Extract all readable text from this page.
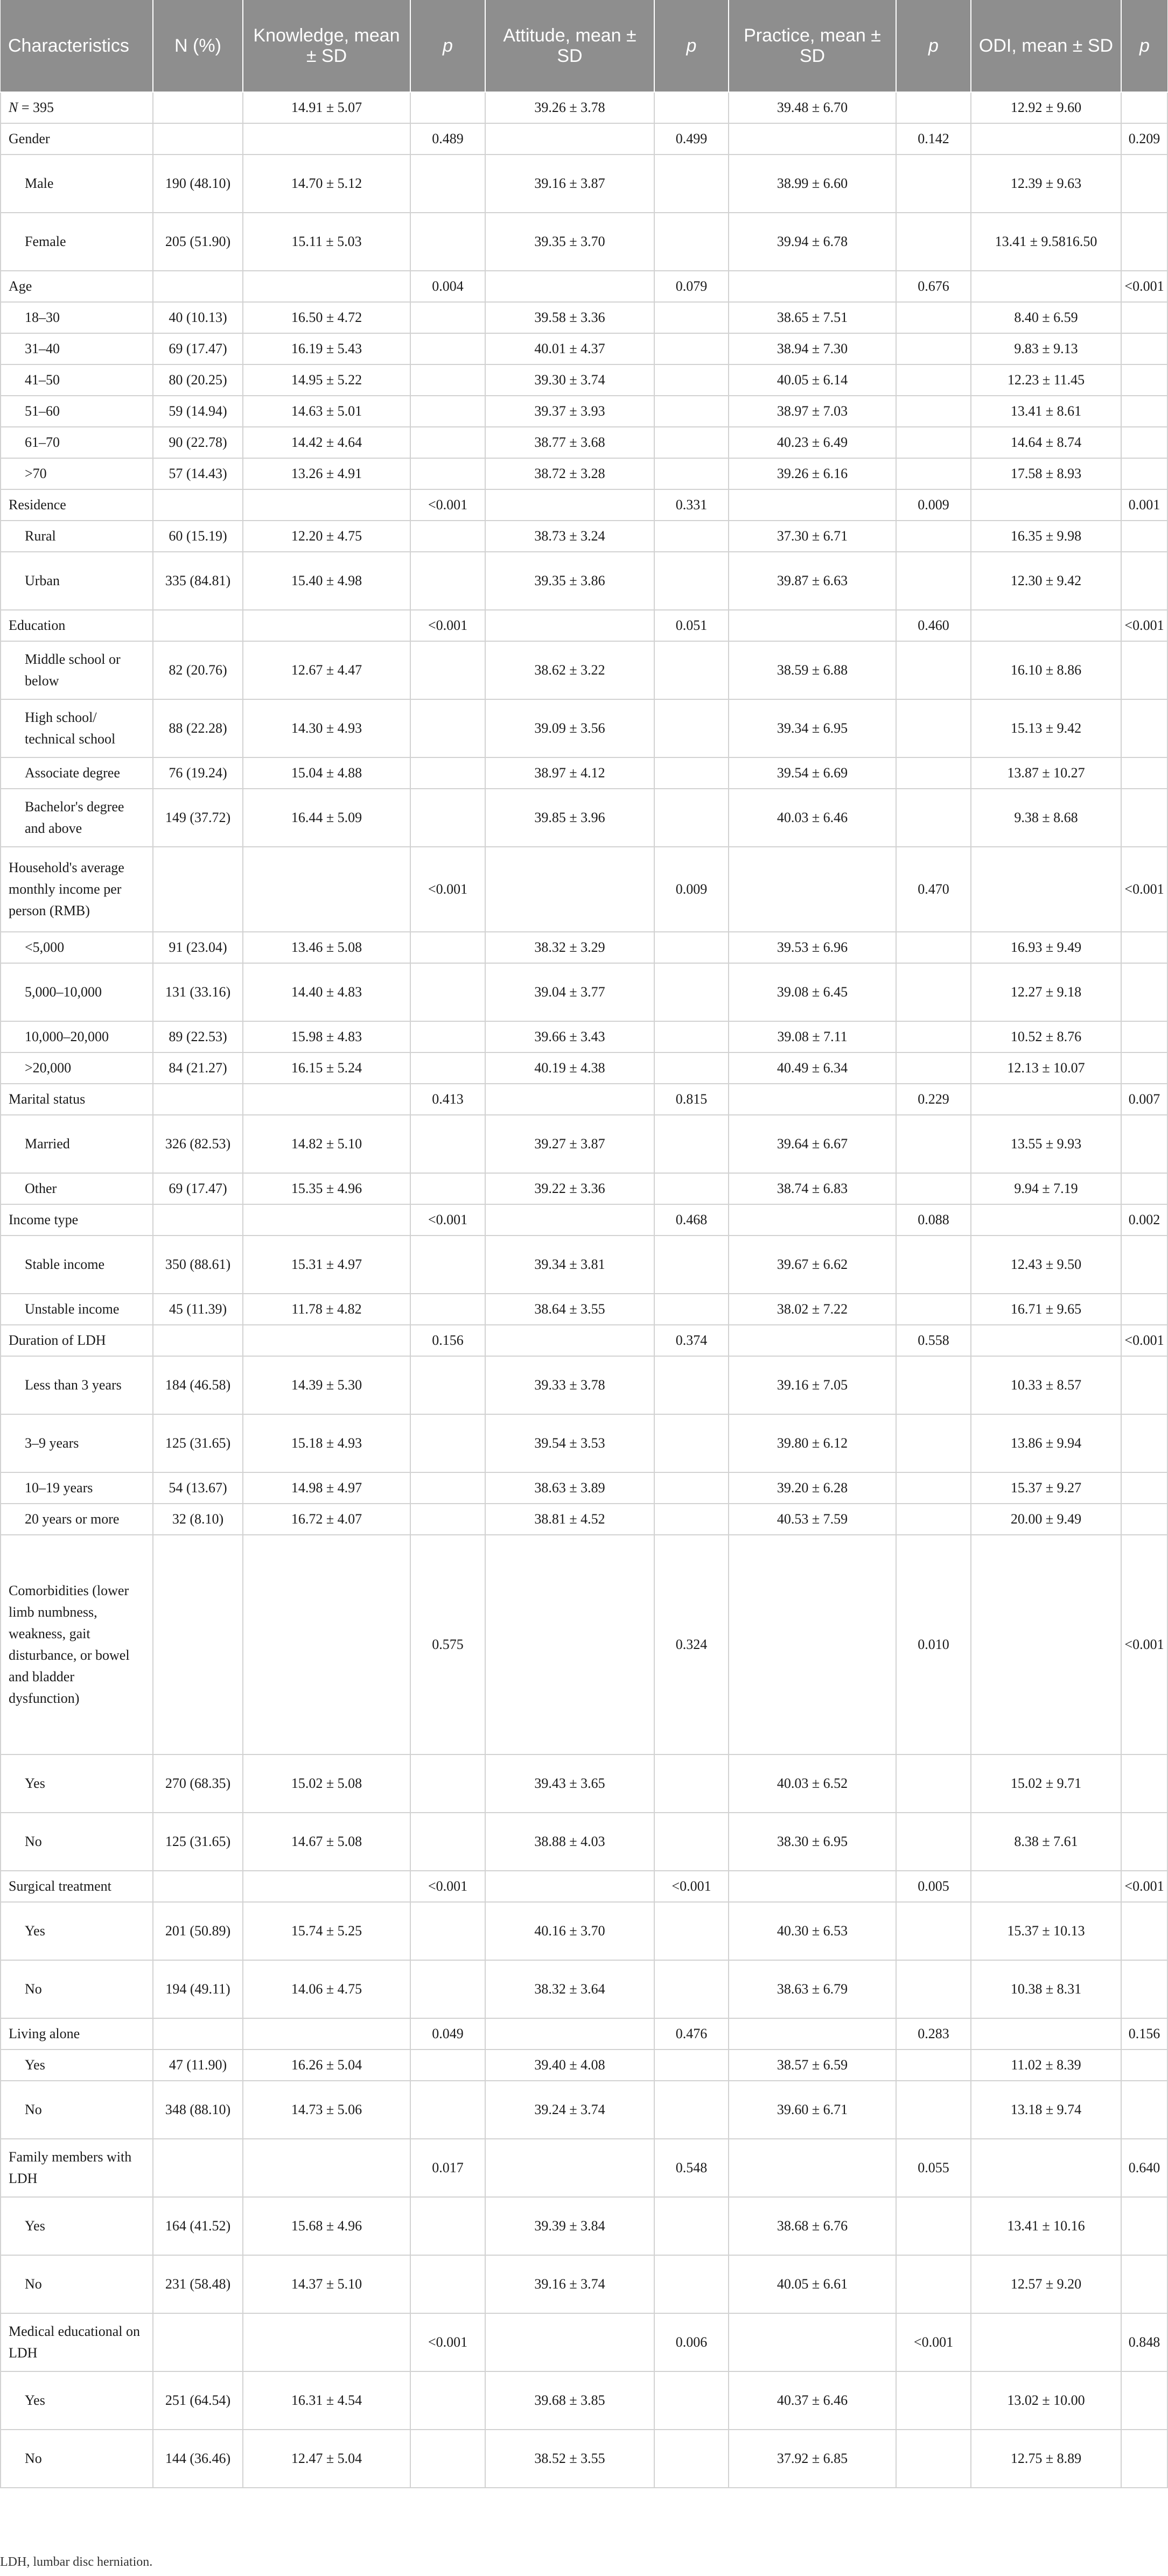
Characteristics	N (%)	Knowledge, mean ± SD	p	Attitude, mean ± SD	p	Practice, mean ± SD	p	ODI, mean ± SD	p
N = 395		14.91 ± 5.07		39.26 ± 3.78		39.48 ± 6.70		12.92 ± 9.60	
Gender			0.489		0.499		0.142		0.209
Male	190 (48.10)	14.70 ± 5.12		39.16 ± 3.87		38.99 ± 6.60		12.39 ± 9.63	
Female	205 (51.90)	15.11 ± 5.03		39.35 ± 3.70		39.94 ± 6.78		13.41 ± 9.5816.50	
Age			0.004		0.079		0.676		<0.001
18–30	40 (10.13)	16.50 ± 4.72		39.58 ± 3.36		38.65 ± 7.51		8.40 ± 6.59	
31–40	69 (17.47)	16.19 ± 5.43		40.01 ± 4.37		38.94 ± 7.30		9.83 ± 9.13	
41–50	80 (20.25)	14.95 ± 5.22		39.30 ± 3.74		40.05 ± 6.14		12.23 ± 11.45	
51–60	59 (14.94)	14.63 ± 5.01		39.37 ± 3.93		38.97 ± 7.03		13.41 ± 8.61	
61–70	90 (22.78)	14.42 ± 4.64		38.77 ± 3.68		40.23 ± 6.49		14.64 ± 8.74	
>70	57 (14.43)	13.26 ± 4.91		38.72 ± 3.28		39.26 ± 6.16		17.58 ± 8.93	
Residence			<0.001		0.331		0.009		0.001
Rural	60 (15.19)	12.20 ± 4.75		38.73 ± 3.24		37.30 ± 6.71		16.35 ± 9.98	
Urban	335 (84.81)	15.40 ± 4.98		39.35 ± 3.86		39.87 ± 6.63		12.30 ± 9.42	
Education			<0.001		0.051		0.460		<0.001
Middle school or below	82 (20.76)	12.67 ± 4.47		38.62 ± 3.22		38.59 ± 6.88		16.10 ± 8.86	
High school/ technical school	88 (22.28)	14.30 ± 4.93		39.09 ± 3.56		39.34 ± 6.95		15.13 ± 9.42	
Associate degree	76 (19.24)	15.04 ± 4.88		38.97 ± 4.12		39.54 ± 6.69		13.87 ± 10.27	
Bachelor's degree and above	149 (37.72)	16.44 ± 5.09		39.85 ± 3.96		40.03 ± 6.46		9.38 ± 8.68	
Household's average monthly income per person (RMB)			<0.001		0.009		0.470		<0.001
<5,000	91 (23.04)	13.46 ± 5.08		38.32 ± 3.29		39.53 ± 6.96		16.93 ± 9.49	
5,000–10,000	131 (33.16)	14.40 ± 4.83		39.04 ± 3.77		39.08 ± 6.45		12.27 ± 9.18	
10,000–20,000	89 (22.53)	15.98 ± 4.83		39.66 ± 3.43		39.08 ± 7.11		10.52 ± 8.76	
>20,000	84 (21.27)	16.15 ± 5.24		40.19 ± 4.38		40.49 ± 6.34		12.13 ± 10.07	
Marital status			0.413		0.815		0.229		0.007
Married	326 (82.53)	14.82 ± 5.10		39.27 ± 3.87		39.64 ± 6.67		13.55 ± 9.93	
Other	69 (17.47)	15.35 ± 4.96		39.22 ± 3.36		38.74 ± 6.83		9.94 ± 7.19	
Income type			<0.001		0.468		0.088		0.002
Stable income	350 (88.61)	15.31 ± 4.97		39.34 ± 3.81		39.67 ± 6.62		12.43 ± 9.50	
Unstable income	45 (11.39)	11.78 ± 4.82		38.64 ± 3.55		38.02 ± 7.22		16.71 ± 9.65	
Duration of LDH			0.156		0.374		0.558		<0.001
Less than 3 years	184 (46.58)	14.39 ± 5.30		39.33 ± 3.78		39.16 ± 7.05		10.33 ± 8.57	
3–9 years	125 (31.65)	15.18 ± 4.93		39.54 ± 3.53		39.80 ± 6.12		13.86 ± 9.94	
10–19 years	54 (13.67)	14.98 ± 4.97		38.63 ± 3.89		39.20 ± 6.28		15.37 ± 9.27	
20 years or more	32 (8.10)	16.72 ± 4.07		38.81 ± 4.52		40.53 ± 7.59		20.00 ± 9.49	
Comorbidities (lower limb numbness, weakness, gait disturbance, or bowel and bladder dysfunction)			0.575		0.324		0.010		<0.001
Yes	270 (68.35)	15.02 ± 5.08		39.43 ± 3.65		40.03 ± 6.52		15.02 ± 9.71	
No	125 (31.65)	14.67 ± 5.08		38.88 ± 4.03		38.30 ± 6.95		8.38 ± 7.61	
Surgical treatment			<0.001		<0.001		0.005		<0.001
Yes	201 (50.89)	15.74 ± 5.25		40.16 ± 3.70		40.30 ± 6.53		15.37 ± 10.13	
No	194 (49.11)	14.06 ± 4.75		38.32 ± 3.64		38.63 ± 6.79		10.38 ± 8.31	
Living alone			0.049		0.476		0.283		0.156
Yes	47 (11.90)	16.26 ± 5.04		39.40 ± 4.08		38.57 ± 6.59		11.02 ± 8.39	
No	348 (88.10)	14.73 ± 5.06		39.24 ± 3.74		39.60 ± 6.71		13.18 ± 9.74	
Family members with LDH			0.017		0.548		0.055		0.640
Yes	164 (41.52)	15.68 ± 4.96		39.39 ± 3.84		38.68 ± 6.76		13.41 ± 10.16	
No	231 (58.48)	14.37 ± 5.10		39.16 ± 3.74		40.05 ± 6.61		12.57 ± 9.20	
Medical educational on LDH			<0.001		0.006		<0.001		0.848
Yes	251 (64.54)	16.31 ± 4.54		39.68 ± 3.85		40.37 ± 6.46		13.02 ± 10.00	
No	144 (36.46)	12.47 ± 5.04		38.52 ± 3.55		37.92 ± 6.85		12.75 ± 8.89	
LDH, lumbar disc herniation.
